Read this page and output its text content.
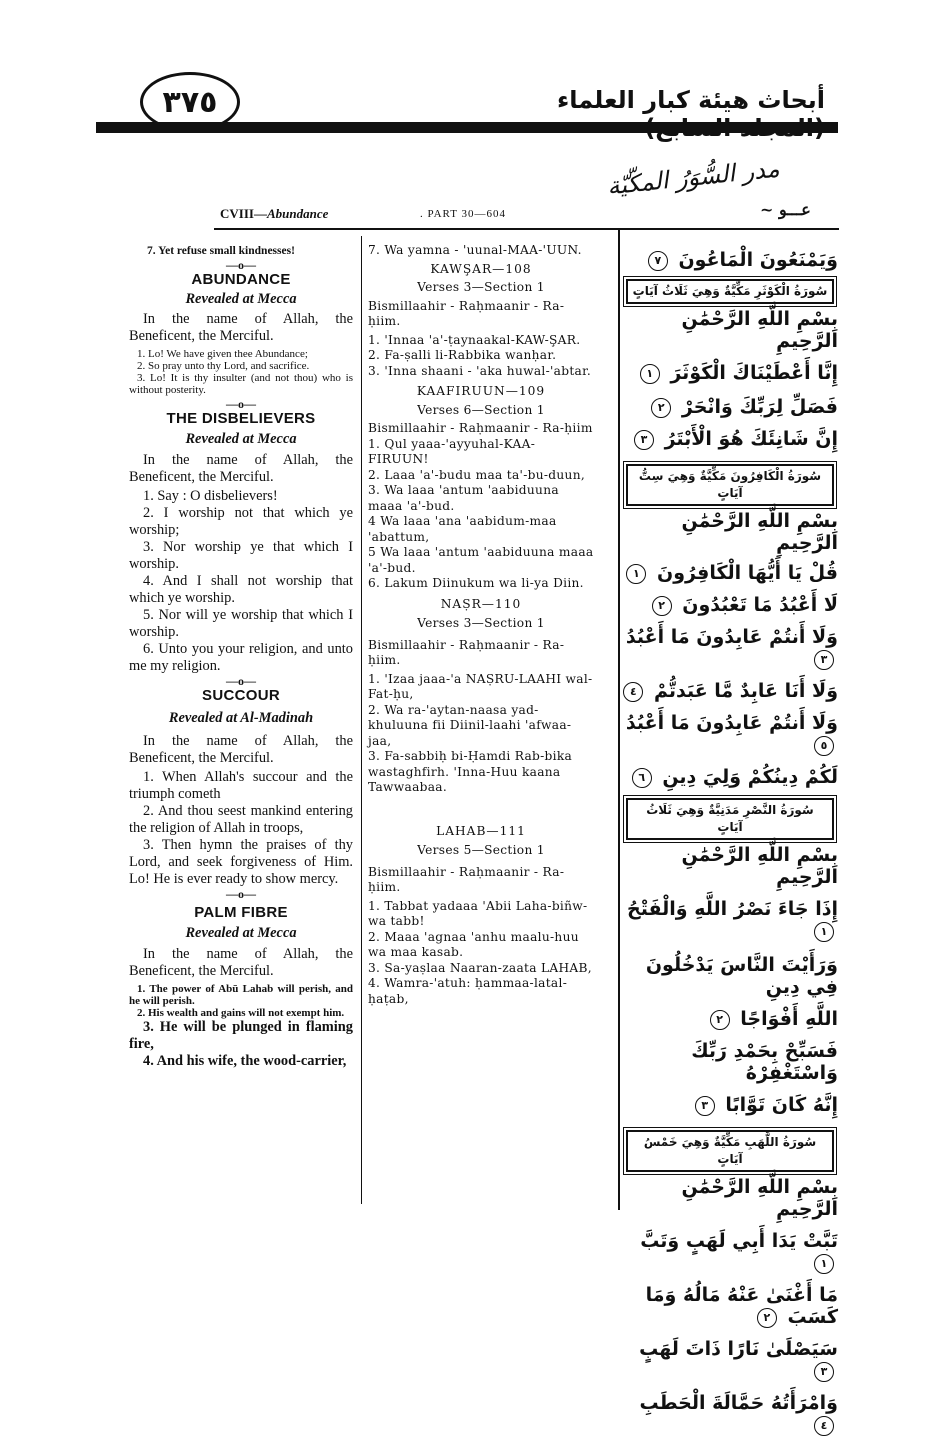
٣٧٥	أبحاث هيئة كبار العلماء
CVIII—Abundance	. PART 30—604
مدر السُّوَرُ المكّيّة
عـــو ~

7. Yet refuse small kindnesses!

—o—

ABUNDANCE

Revealed at Mecca

In the name of Allah, the Beneficent, the Merciful.

1. Lo! We have given thee Abundance;

2. So pray unto thy Lord, and sacrifice.

3. Lo! It is thy insulter (and not thou) who is without posterity.

—o—

THE DISBELIEVERS

Revealed at Mecca

In the name of Allah, the Beneficent, the Merciful.

1. Say : O disbelievers!

2. I worship not that which ye worship;

3. Nor worship ye that which I worship.

4. And I shall not worship that which ye worship.

5. Nor will ye worship that which I worship.

6. Unto you your religion, and unto me my religion.

—o—

SUCCOUR

Revealed at Al-Madinah

In the name of Allah, the Beneficent, the Merciful.

1. When Allah's succour and the triumph cometh

2. And thou seest mankind entering the religion of Allah in troops,

3. Then hymn the praises of thy Lord, and seek forgiveness of Him. Lo! He is ever ready to show mercy.

—o—

PALM FIBRE

Revealed at Mecca

In the name of Allah, the Beneficent, the Merciful.

1. The power of Abū Lahab will perish, and he will perish.

2. His wealth and gains will not exempt him.

3. He will be plunged in flaming fire,

4. And his wife, the wood-carrier,

7. Wa yamna - 'uunal-MAA-'UUN.

KAWŞAR—108

Verses 3—Section 1

Bismillaahir - Raḥmaanir - Ra-ḥiim.

1. 'Innaa 'a'-ṭaynaakal-KAW-ŞAR.

2. Fa-ṣalli li-Rabbika wanḥar.

3. 'Inna shaani - 'aka huwal-'abtar.

KAAFIRUUN—109

Verses 6—Section 1

Bismillaahir - Raḥmaanir - Ra-ḥiim

1. Qul yaaa-'ayyuhal-KAA-FIRUUN!

2. Laaa 'a'-budu maa ta'-bu-duun,

3. Wa laaa 'antum 'aabiduuna maaa 'a'-bud.

4 Wa laaa 'ana 'aabidum-maa 'abattum,

5 Wa laaa 'antum 'aabiduuna maaa 'a'-bud.

6. Lakum Diinukum wa li-ya Diin.

NAṢR—110

Verses 3—Section 1

Bismillaahir - Raḥmaanir - Ra-ḥiim.

1. 'Izaa jaaa-'a NAṢRU-LAAHI wal-Fat-ḥu,

2. Wa ra-'aytan-naasa yad-khuluuna fii Diinil-laahi 'afwaa-jaa,

3. Fa-sabbiḥ bi-Ḥamdi Rab-bika wastaghfirh. 'Inna-Huu kaana Tawwaabaa.

LAHAB—111

Verses 5—Section 1

Bismillaahir - Raḥmaanir - Ra-ḥiim.

1. Tabbat yadaaa 'Abii Laha-biñw-wa tabb!

2. Maaa 'agnaa 'anhu maalu-huu wa maa kasab.

3. Sa-yaṣlaa Naaran-zaata LAHAB,

4. Wamra-'atuh: ḥammaa-latal-ḥaṭab,

وَيَمْنَعُونَ الْمَاعُونَ ٧

سُورَةُ الْكَوْثَرِ مَكِّيَّةٌ وَهِيَ ثَلَاثُ آيَاتٍ

بِسْمِ اللَّهِ الرَّحْمَٰنِ الرَّحِيمِ

إِنَّا أَعْطَيْنَاكَ الْكَوْثَرَ ١

فَصَلِّ لِرَبِّكَ وَانْحَرْ ٢

إِنَّ شَانِئَكَ هُوَ الْأَبْتَرُ ٣

سُورَةُ الْكَافِرُونَ مَكِّيَّةٌ وَهِيَ سِتُّ آيَاتٍ

بِسْمِ اللَّهِ الرَّحْمَٰنِ الرَّحِيمِ

قُلْ يَا أَيُّهَا الْكَافِرُونَ ١

لَا أَعْبُدُ مَا تَعْبُدُونَ ٢

وَلَا أَنتُمْ عَابِدُونَ مَا أَعْبُدُ ٣

وَلَا أَنَا عَابِدٌ مَّا عَبَدتُّمْ ٤

وَلَا أَنتُمْ عَابِدُونَ مَا أَعْبُدُ ٥

لَكُمْ دِينُكُمْ وَلِيَ دِينِ ٦

سُورَةُ النَّصْرِ مَدَنِيَّةٌ وَهِيَ ثَلَاثُ آيَاتٍ

بِسْمِ اللَّهِ الرَّحْمَٰنِ الرَّحِيمِ

إِذَا جَاءَ نَصْرُ اللَّهِ وَالْفَتْحُ ١

وَرَأَيْتَ النَّاسَ يَدْخُلُونَ فِي دِينِ

اللَّهِ أَفْوَاجًا ٢

فَسَبِّحْ بِحَمْدِ رَبِّكَ وَاسْتَغْفِرْهُ

إِنَّهُ كَانَ تَوَّابًا ٣

سُورَةُ اللَّهَبِ مَكِّيَّةٌ وَهِيَ خَمْسُ آيَاتٍ

بِسْمِ اللَّهِ الرَّحْمَٰنِ الرَّحِيمِ

تَبَّتْ يَدَا أَبِي لَهَبٍ وَتَبَّ ١

مَا أَغْنَىٰ عَنْهُ مَالُهُ وَمَا كَسَبَ ٢

سَيَصْلَىٰ نَارًا ذَاتَ لَهَبٍ ٣

وَامْرَأَتُهُ حَمَّالَةَ الْحَطَبِ ٤
